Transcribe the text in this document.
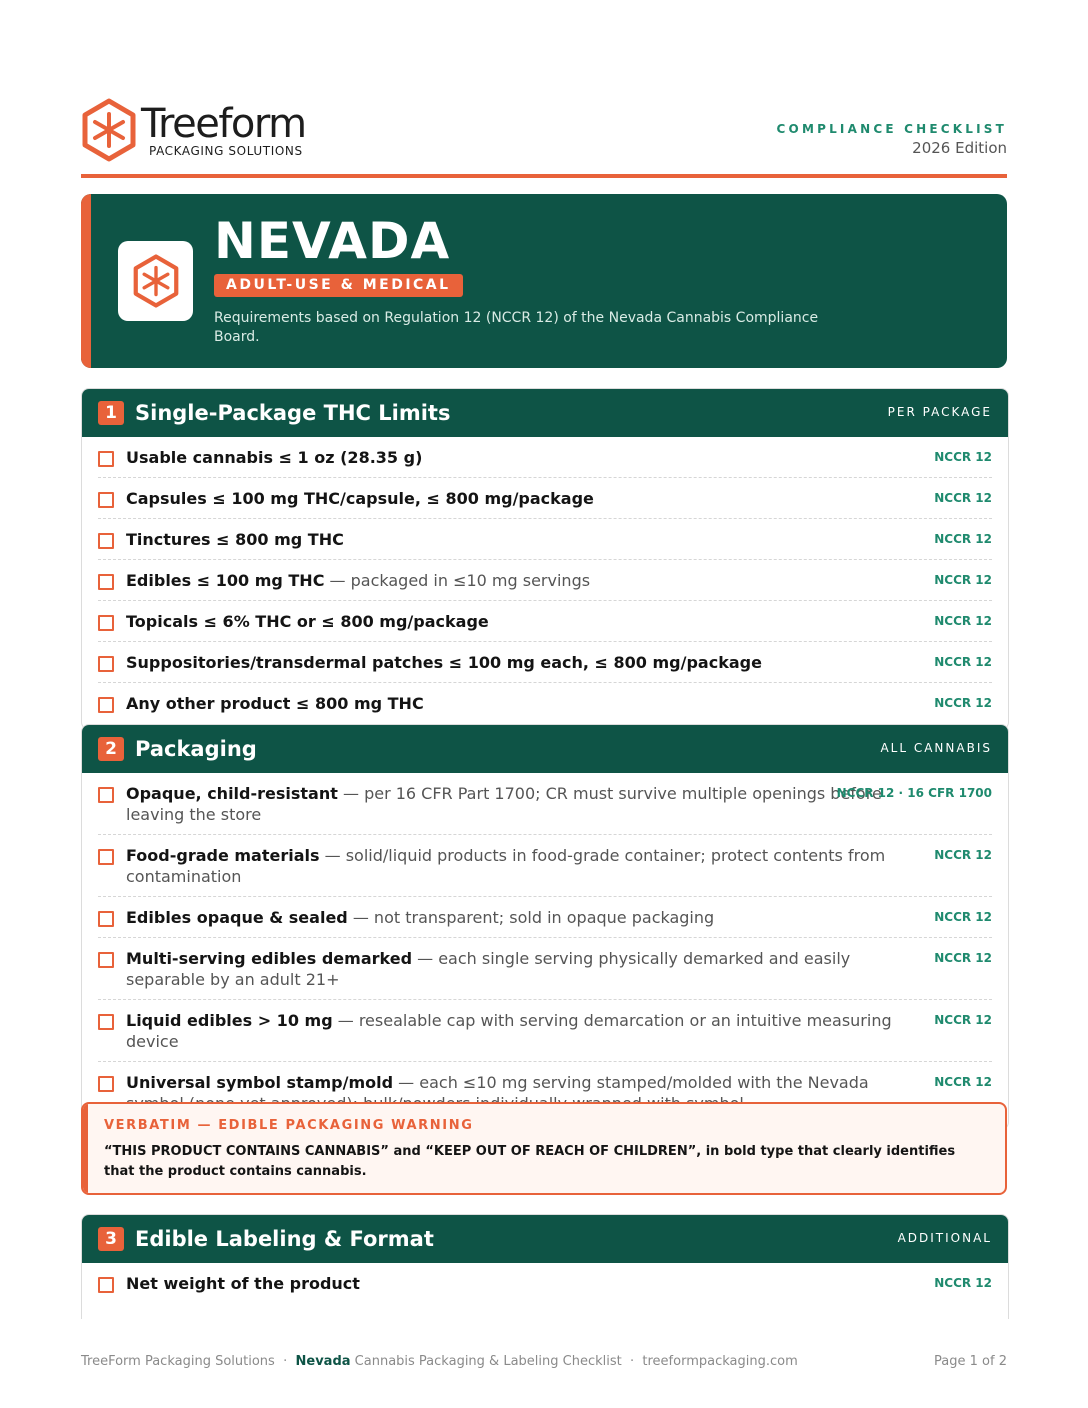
Treeform
PACKAGING SOLUTIONS
COMPLIANCE CHECKLIST
2026 Edition
NEVADA
ADULT-USE & MEDICAL
Requirements based on Regulation 12 (NCCR 12) of the Nevada Cannabis Compliance Board.
1 Single-Package THC Limits	PER PACKAGE
Usable cannabis ≤ 1 oz (28.35 g)	NCCR 12
Capsules ≤ 100 mg THC/capsule, ≤ 800 mg/package	NCCR 12
Tinctures ≤ 800 mg THC	NCCR 12
Edibles ≤ 100 mg THC — packaged in ≤10 mg servings	NCCR 12
Topicals ≤ 6% THC or ≤ 800 mg/package	NCCR 12
Suppositories/transdermal patches ≤ 100 mg each, ≤ 800 mg/package	NCCR 12
Any other product ≤ 800 mg THC	NCCR 12
2 Packaging	ALL CANNABIS
Opaque, child-resistant — per 16 CFR Part 1700; CR must survive multiple openings before leaving the store
NCCR 12 · 16 CFR 1700
Food-grade materials — solid/liquid products in food-grade container; protect contents from contamination
NCCR 12
Edibles opaque & sealed — not transparent; sold in opaque packaging	NCCR 12
Multi-serving edibles demarked — each single serving physically demarked and easily separable by an adult 21+
NCCR 12
Liquid edibles > 10 mg — resealable cap with serving demarcation or an intuitive measuring device
NCCR 12
Universal symbol stamp/mold — each ≤10 mg serving stamped/molded with the Nevada	NCCR 12
VERBATIM — EDIBLE PACKAGING WARNING
“THIS PRODUCT CONTAINS CANNABIS” and “KEEP OUT OF REACH OF CHILDREN”, in bold type that clearly identifies that the product contains cannabis.
3 Edible Labeling & Format	ADDITIONAL
Net weight of the product	NCCR 12
TreeForm Packaging Solutions · Nevada Cannabis Packaging & Labeling Checklist · treeformpackaging.com	Page 1 of 2
